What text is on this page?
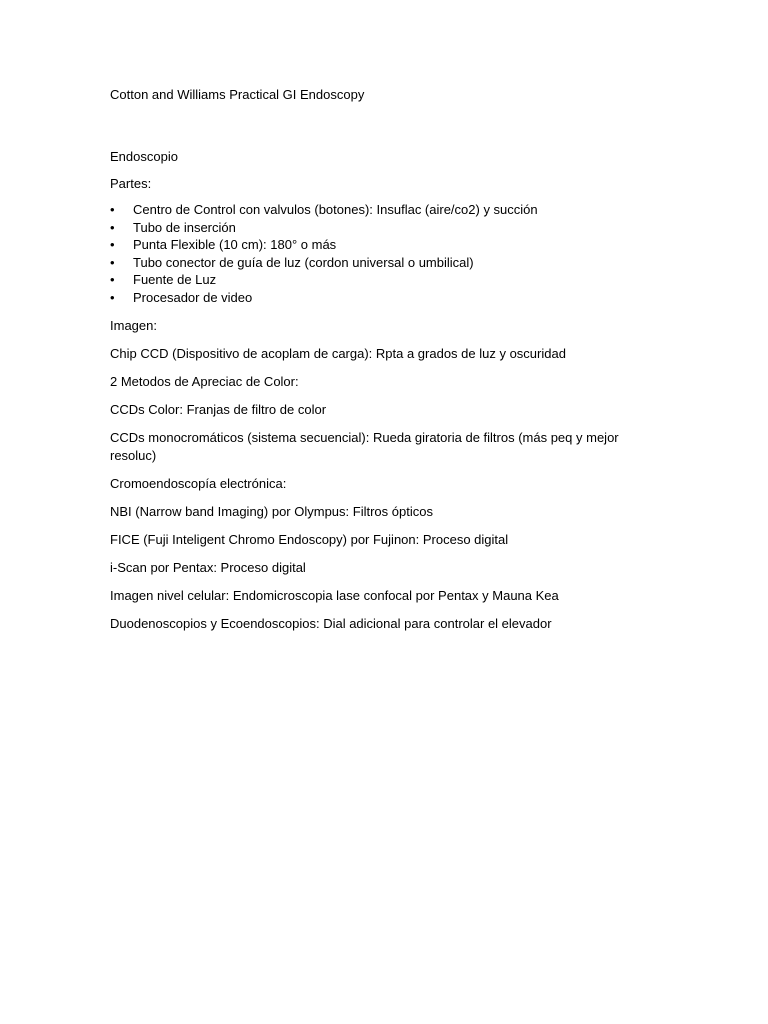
Cotton and Williams Practical GI Endoscopy

Endoscopio

Partes:

• Centro de Control con valvulos (botones): Insuflac (aire/co2) y succión
• Tubo de inserción
• Punta Flexible (10 cm): 180° o más
• Tubo conector de guía de luz (cordon universal o umbilical)
• Fuente de Luz
• Procesador de video

Imagen:

Chip CCD (Dispositivo de acoplam de carga): Rpta a grados de luz y oscuridad

2 Metodos de Apreciac de Color:

CCDs Color: Franjas de filtro de color

CCDs monocromáticos (sistema secuencial): Rueda giratoria de filtros (más peq y mejor resoluc)

Cromoendoscopía electrónica:

NBI (Narrow band Imaging) por Olympus: Filtros ópticos

FICE (Fuji Inteligent Chromo Endoscopy) por Fujinon: Proceso digital

i-Scan por Pentax: Proceso digital

Imagen nivel celular: Endomicroscopia lase confocal por Pentax y Mauna Kea

Duodenoscopios y Ecoendoscopios: Dial adicional para controlar el elevador
